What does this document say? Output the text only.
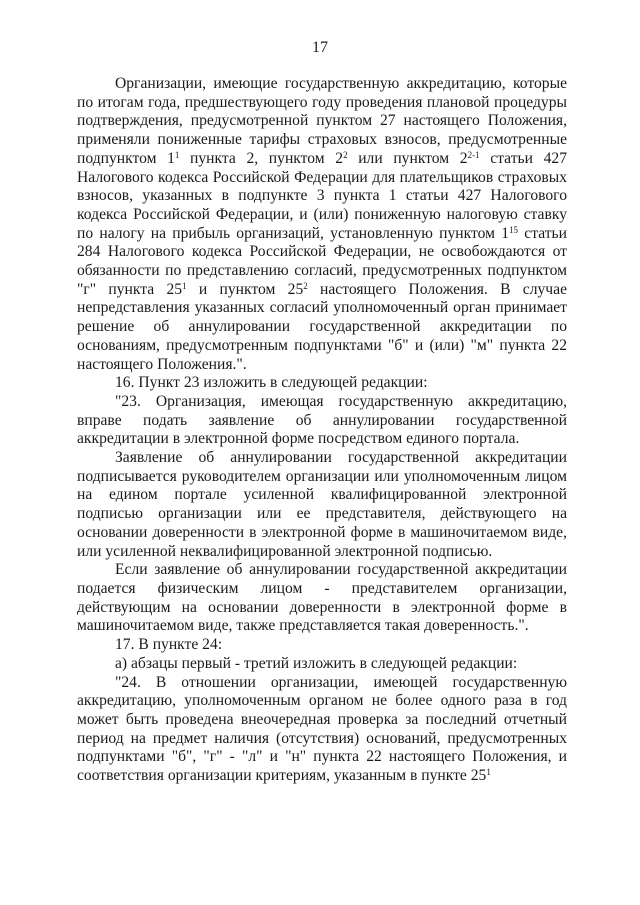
17

Организации, имеющие государственную аккредитацию, которые по итогам года, предшествующего году проведения плановой процедуры подтверждения, предусмотренной пунктом 27 настоящего Положения, применяли пониженные тарифы страховых взносов, предусмотренные подпунктом $1^1$ пункта 2, пунктом $2^2$ или пунктом 2$^{2-1}$ статьи 427 Налогового кодекса Российской Федерации для плательщиков страховых взносов, указанных в подпункте 3 пункта 1 статьи 427 Налогового кодекса Российской Федерации, и (или) пониженную налоговую ставку по налогу на прибыль организаций, установленную пунктом $1^{15}$ статьи 284 Налогового кодекса Российской Федерации, не освобождаются от обязанности по представлению согласий, предусмотренных подпунктом "г" пункта $25^1$ и пунктом $25^2$ настоящего Положения. В случае непредставления указанных согласий уполномоченный орган принимает решение об аннулировании государственной аккредитации по основаниям, предусмотренным подпунктами "б" и (или) "м" пункта 22 настоящего Положения.".

16. Пункт 23 изложить в следующей редакции:

"23. Организация, имеющая государственную аккредитацию, вправе подать заявление об аннулировании государственной аккредитации в электронной форме посредством единого портала.

Заявление об аннулировании государственной аккредитации подписывается руководителем организации или уполномоченным лицом на едином портале усиленной квалифицированной электронной подписью организации или ее представителя, действующего на основании доверенности в электронной форме в машиночитаемом виде, или усиленной неквалифицированной электронной подписью.

Если заявление об аннулировании государственной аккредитации подается физическим лицом - представителем организации, действующим на основании доверенности в электронной форме в машиночитаемом виде, также представляется такая доверенность.".

17. В пункте 24:

а) абзацы первый - третий изложить в следующей редакции:

"24. В отношении организации, имеющей государственную аккредитацию, уполномоченным органом не более одного раза в год может быть проведена внеочередная проверка за последний отчетный период на предмет наличия (отсутствия) оснований, предусмотренных подпунктами "б", "г" - "л" и "н" пункта 22 настоящего Положения, и соответствия организации критериям, указанным в пункте $25^1$
